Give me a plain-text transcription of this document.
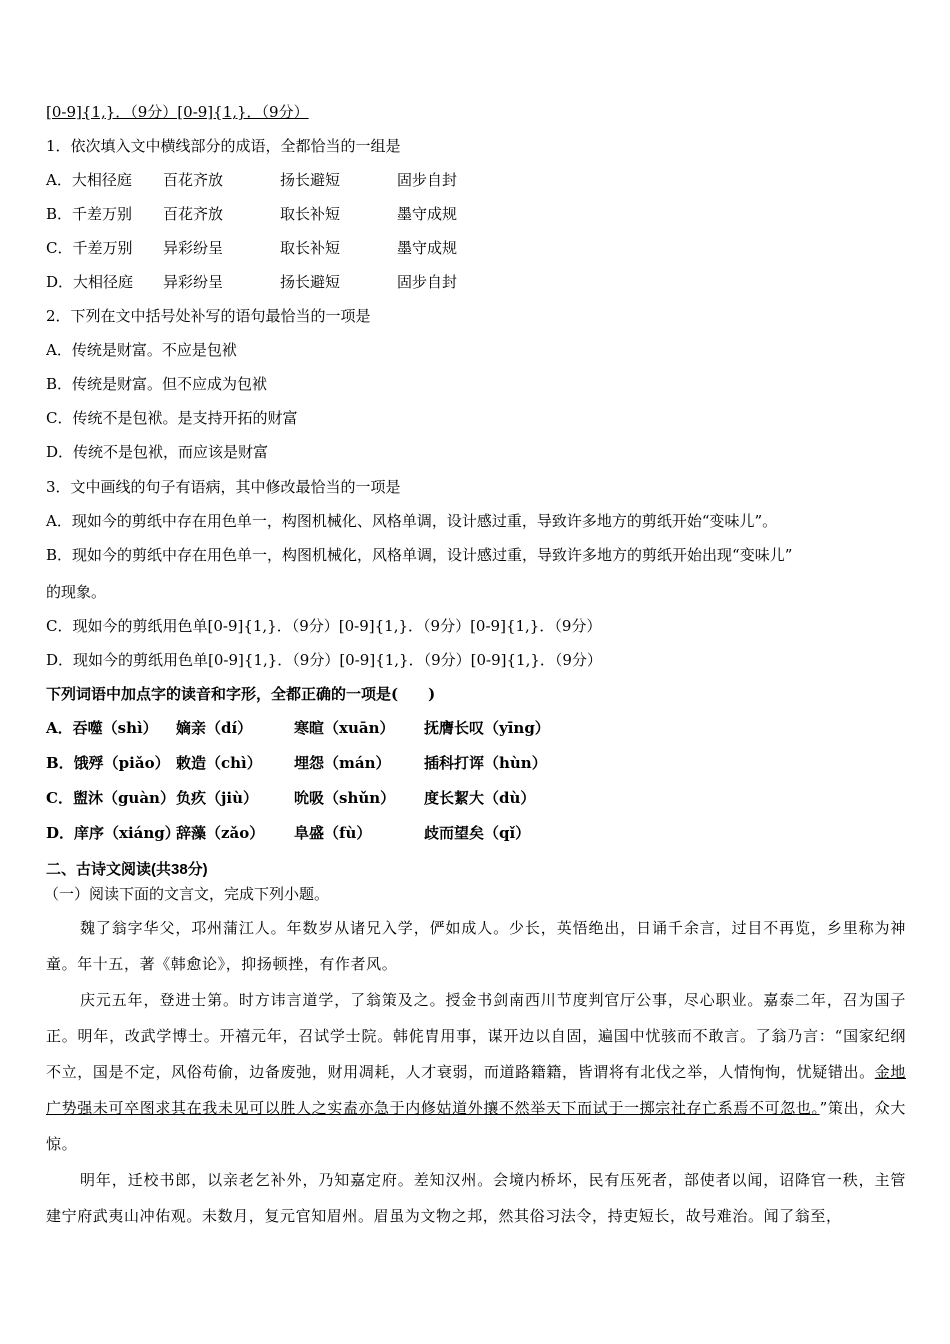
[0-9]{1,}．（9分）[0-9]{1,}．（9分）
1．依次填入文中横线部分的成语，全都恰当的一组是
A．大相径庭 百花齐放	扬长避短	固步自封
B．千差万别 百花齐放	取长补短	墨守成规
C．千差万别 异彩纷呈	取长补短	墨守成规
D．大相径庭 异彩纷呈	扬长避短	固步自封
2．下列在文中括号处补写的语句最恰当的一项是
A．传统是财富。不应是包袱
B．传统是财富。但不应成为包袱
C．传统不是包袱。是支持开拓的财富
D．传统不是包袱，而应该是财富
3．文中画线的句子有语病，其中修改最恰当的一项是
A．现如今的剪纸中存在用色单一，构图机械化、风格单调，设计感过重，导致许多地方的剪纸开始“变味儿”。
B．现如今的剪纸中存在用色单一，构图机械化，风格单调，设计感过重，导致许多地方的剪纸开始出现“变味儿”
的现象。
C．现如今的剪纸用色单[0-9]{1,}．（9分）[0-9]{1,}．（9分）[0-9]{1,}．（9分）
D．现如今的剪纸用色单[0-9]{1,}．（9分）[0-9]{1,}．（9分）[0-9]{1,}．（9分）
下列词语中加点字的读音和字形，全都正确的一项是(　　)
A．吞噬（shì） 嫡亲（dí）	寒暄（xuān） 抚膺长叹（yīng）
B．饿殍（piǎo） 敕造（chì） 埋怨（mán） 插科打诨（hùn）
C．盥沐（guàn）负疚（jiù） 吮吸（shǔn） 度长絜大（dù）
D．庠序（xiáng）辞藻（zǎo） 阜盛（fù）	歧而望矣（qǐ）
二、古诗文阅读(共38分)
（一）阅读下面的文言文，完成下列小题。
魏了翁字华父，邛州蒲江人。年数岁从诸兄入学，俨如成人。少长，英悟绝出，日诵千余言，过目不再览，乡里称为神童。年十五，著《韩愈论》，抑扬顿挫，有作者风。
庆元五年，登进士第。时方讳言道学，了翁策及之。授金书剑南西川节度判官厅公事，尽心职业。嘉泰二年，召为国子正。明年，改武学博士。开禧元年，召试学士院。韩侂胄用事，谋开边以自固，遍国中忧骇而不敢言。了翁乃言：“国家纪纲不立，国是不定，风俗苟偷，边备废弛，财用凋耗，人才衰弱，而道路籍籍，皆谓将有北伐之举，人情恂恂，忧疑错出。金地广势强未可卒图求其在我未见可以胜人之实盍亦急于内修姑道外攘不然举天下而试于一掷宗社存亡系焉不可忽也。”策出，众大惊。
明年，迁校书郎，以亲老乞补外，乃知嘉定府。差知汉州。会境内桥坏，民有压死者，部使者以闻，诏降官一秩，主管建宁府武夷山冲佑观。未数月，复元官知眉州。眉虽为文物之邦，然其俗习法令，持吏短长，故号难治。闻了翁至，
